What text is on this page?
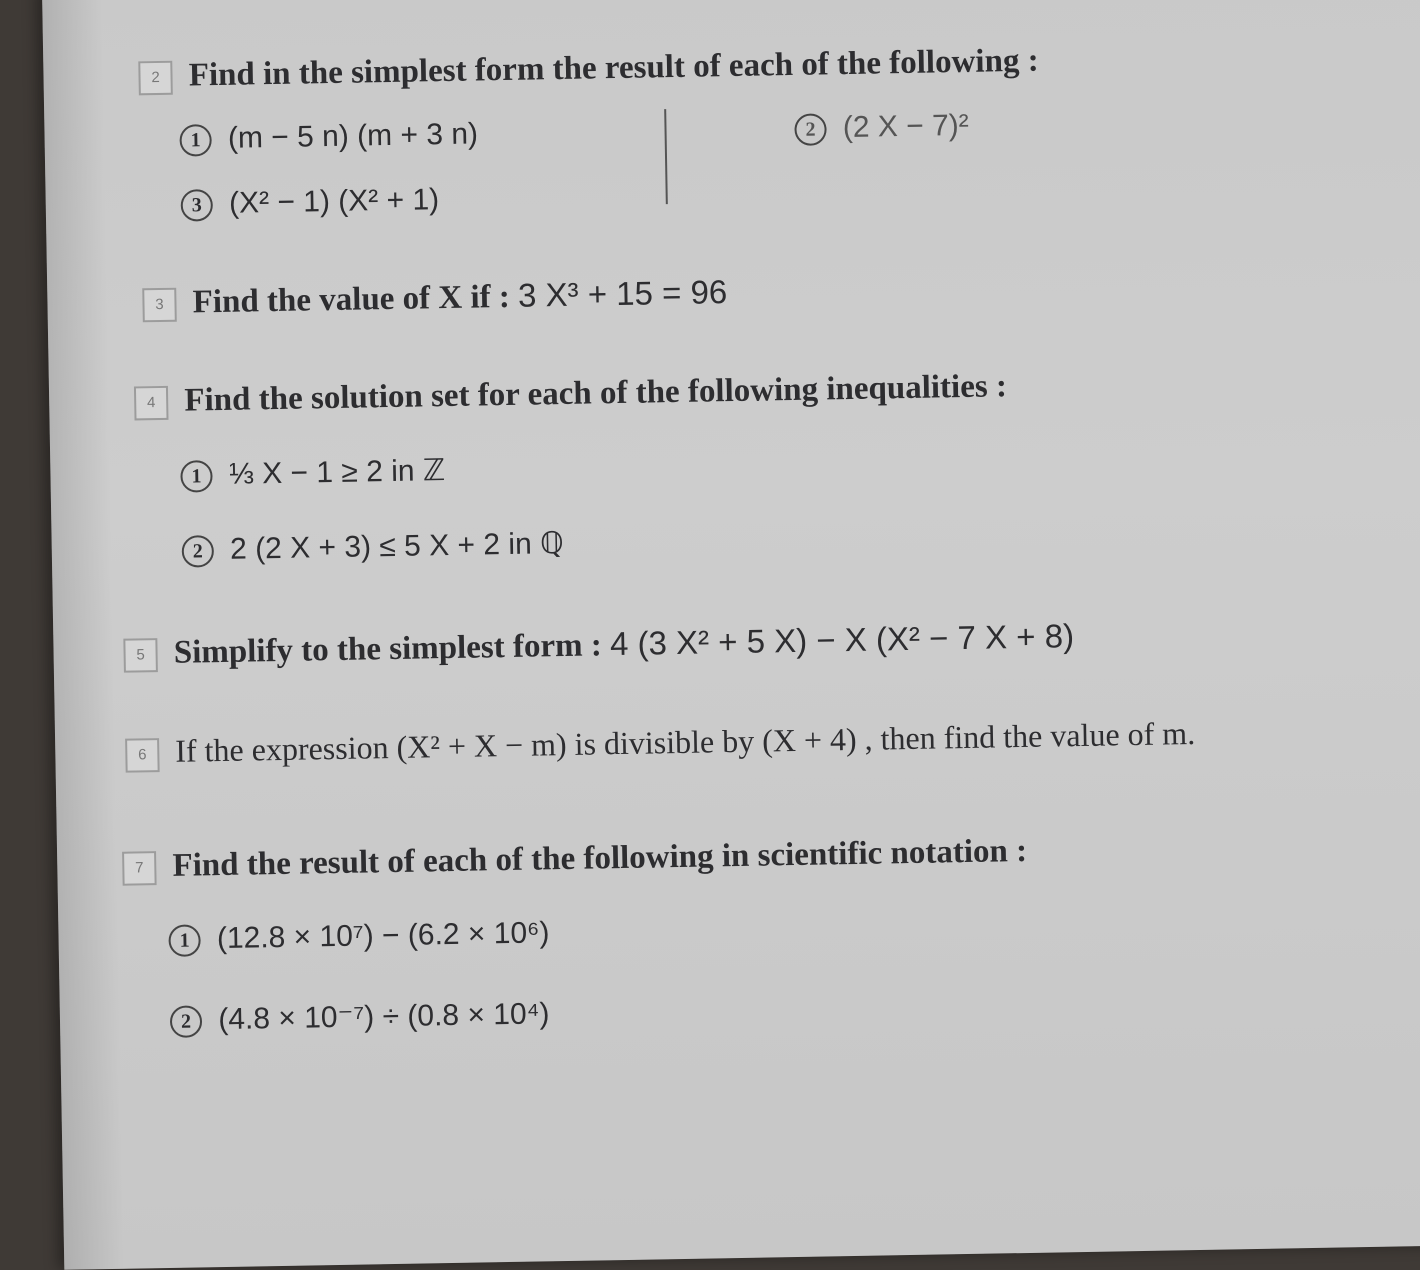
2 Find in the simplest form the result of each of the following :
1 (m − 5 n) (m + 3 n)	2 (2 X − 7)²
3 (X² − 1) (X² + 1)
3 Find the value of X if : 3 X³ + 15 = 96
4 Find the solution set for each of the following inequalities :
1 ⅓ X − 1 ≥ 2 in ℤ
2 2 (2 X + 3) ≤ 5 X + 2 in ℚ
5 Simplify to the simplest form : 4 (3 X² + 5 X) − X (X² − 7 X + 8)
6 If the expression (X² + X − m) is divisible by (X + 4) , then find the value of m.
7 Find the result of each of the following in scientific notation :
1 (12.8 × 10⁷) − (6.2 × 10⁶)
2 (4.8 × 10⁻⁷) ÷ (0.8 × 10⁴)
